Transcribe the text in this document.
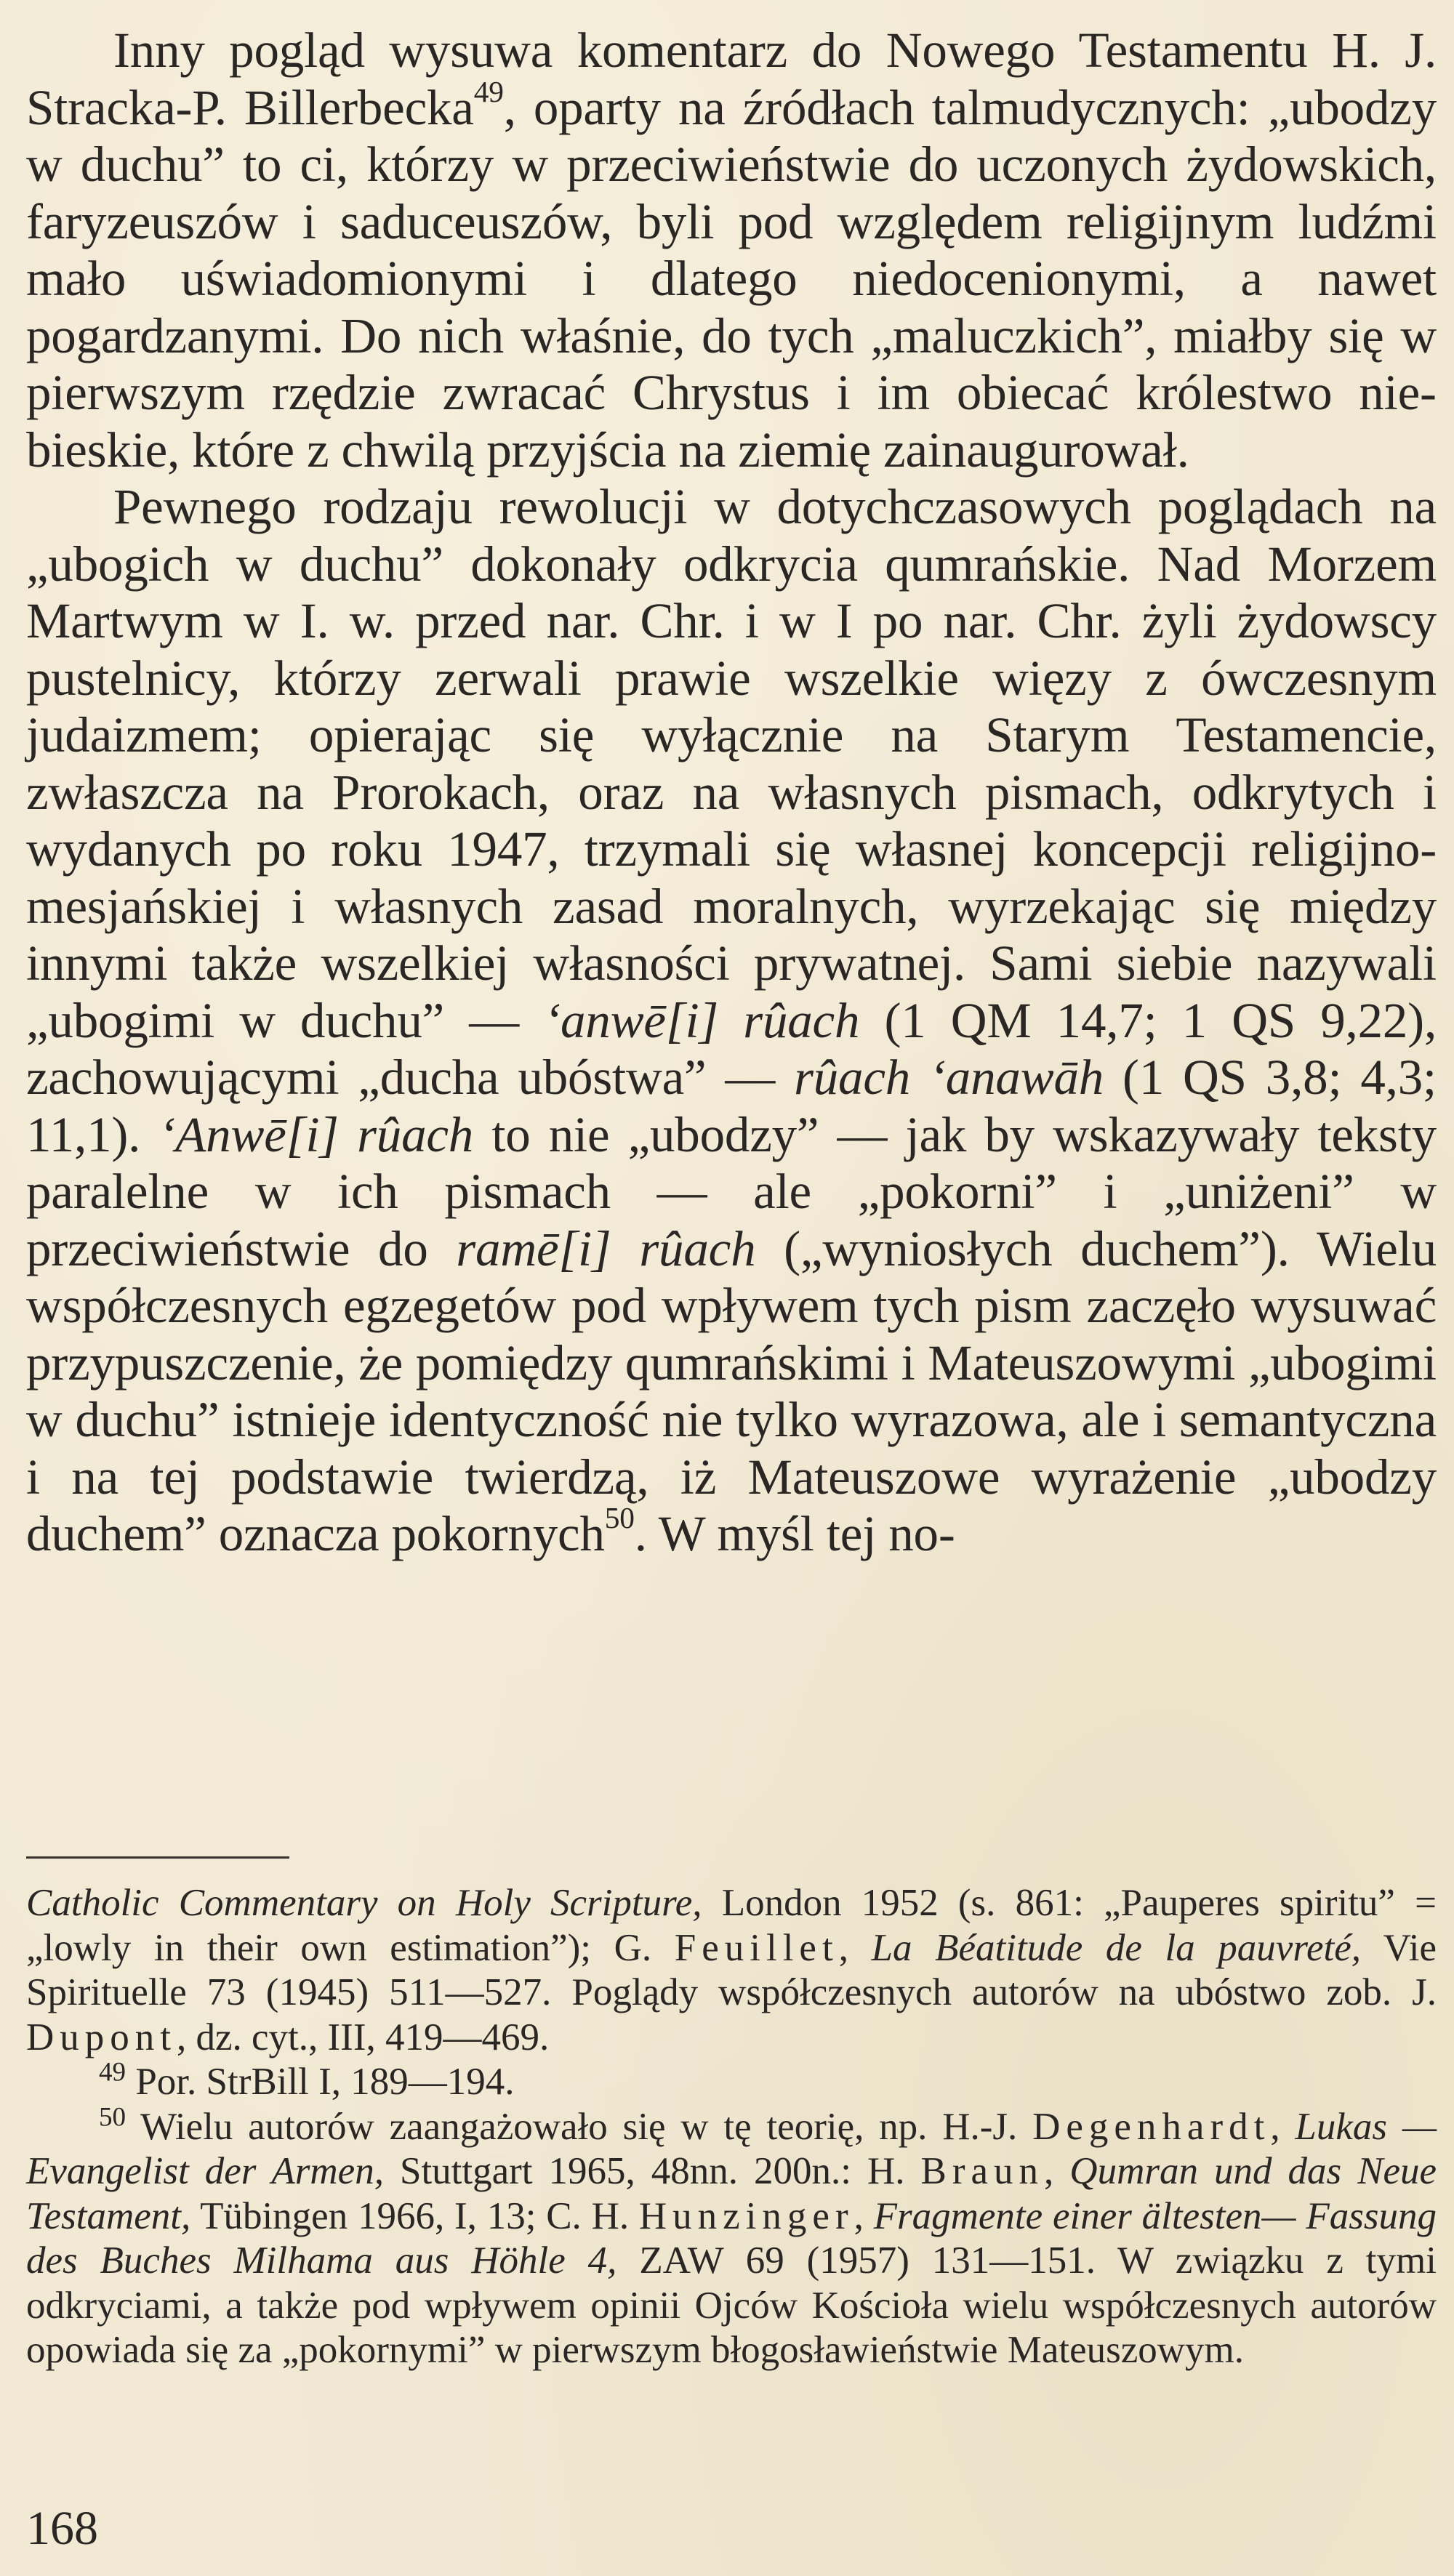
Inny pogląd wysuwa komentarz do Nowego Testamentu H. J. Stracka-P. Billerbecka$^{49}$, oparty na źródłach talmudycznych: „ubodzy w duchu” to ci, którzy w przeciwieństwie do uczonych żydowskich, faryzeuszów i saduceuszów, byli pod względem religijnym ludźmi mało uświadomionymi i dlatego niedocenionymi, a nawet pogardzanymi. Do nich właśnie, do tych „maluczkich”, miałby się w pierwszym rzędzie zwracać Chrystus i im obiecać królestwo niebieskie, które z chwilą przyjścia na ziemię zainaugurował.

Pewnego rodzaju rewolucji w dotychczasowych poglądach na „ubogich w duchu” dokonały odkrycia qumrańskie. Nad Morzem Martwym w I. w. przed nar. Chr. i w I po nar. Chr. żyli żydowscy pustelnicy, którzy zerwali prawie wszelkie więzy z ówczesnym judaizmem; opierając się wyłącznie na Starym Testamencie, zwłaszcza na Prorokach, oraz na własnych pismach, odkrytych i wydanych po roku 1947, trzymali się własnej koncepcji religijno-mesjańskiej i własnych zasad moralnych, wyrzekając się między innymi także wszelkiej własności prywatnej. Sami siebie nazywali „ubogimi w duchu” — ‘anwē[i] rûach (1 QM 14,7; 1 QS 9,22), zachowującymi „ducha ubóstwa” — rûach ‘anawāh (1 QS 3,8; 4,3; 11,1). ‘Anwē[i] rûach to nie „ubodzy” — jak by wskazywały teksty paralelne w ich pismach — ale „pokorni” i „uniżeni” w przeciwieństwie do ramē[i] rûach („wyniosłych duchem”). Wielu współczesnych egzegetów pod wpływem tych pism zaczęło wysuwać przypuszczenie, że pomiędzy qumrańskimi i Mateuszowymi „ubogimi w duchu” istnieje identyczność nie tylko wyrazowa, ale i semantyczna i na tej podstawie twierdzą, iż Mateuszowe wyrażenie „ubodzy duchem” oznacza pokornych$^{50}$. W myśl tej no-

Catholic Commentary on Holy Scripture, London 1952 (s. 861: „Pauperes spiritu” = „lowly in their own estimation”); G. Feuillet, La Béatitude de la pauvreté, Vie Spirituelle 73 (1945) 511—527. Poglądy współczesnych autorów na ubóstwo zob. J. Dupont, dz. cyt., III, 419—469.

$^{49}$ Por. StrBill I, 189—194.

$^{50}$ Wielu autorów zaangażowało się w tę teorię, np. H.-J. Degenhardt, Lukas — Evangelist der Armen, Stuttgart 1965, 48nn. 200n.: H. Braun, Qumran und das Neue Testament, Tübingen 1966, I, 13; C. H. Hunzinger, Fragmente einer ältesten— Fassung des Buches Milhama aus Höhle 4, ZAW 69 (1957) 131—151. W związku z tymi odkryciami, a także pod wpływem opinii Ojców Kościoła wielu współczesnych autorów opowiada się za „pokornymi” w pierwszym błogosławieństwie Mateuszowym.

168
